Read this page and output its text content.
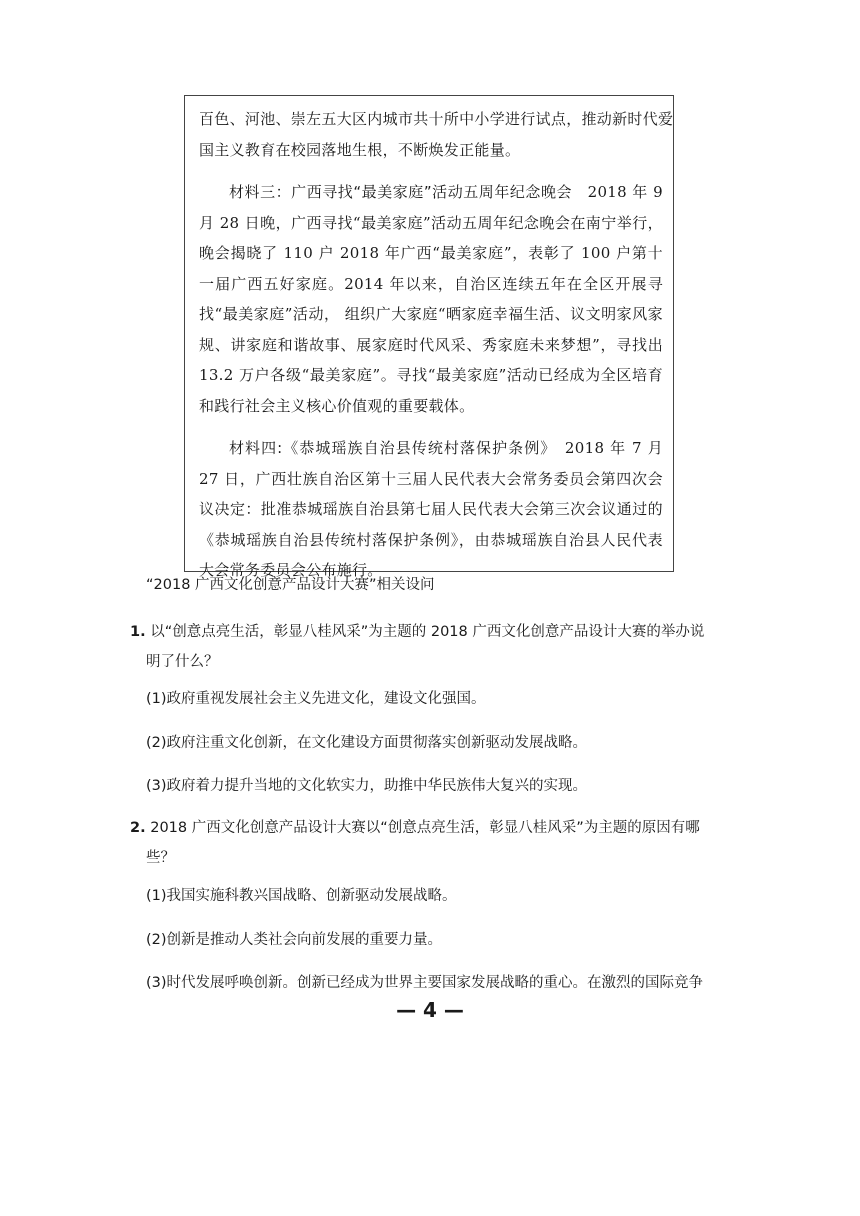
百色、河池、崇左五大区内城市共十所中小学进行试点，推动新时代爱

国主义教育在校园落地生根，不断焕发正能量。

材料三：广西寻找“最美家庭”活动五周年纪念晚会　2018 年 9 月 28 日晚，广西寻找“最美家庭”活动五周年纪念晚会在南宁举行，晚会揭晓了 110 户 2018 年广西“最美家庭”，表彰了 100 户第十一届广西五好家庭。2014 年以来，自治区连续五年在全区开展寻找“最美家庭”活动， 组织广大家庭“晒家庭幸福生活、议文明家风家规、讲家庭和谐故事、展家庭时代风采、秀家庭未来梦想”，寻找出 13.2 万户各级“最美家庭”。寻找“最美家庭”活动已经成为全区培育和践行社会主义核心价值观的重要载体。

材料四:《恭城瑶族自治县传统村落保护条例》　2018 年 7 月 27 日，广西壮族自治区第十三届人民代表大会常务委员会第四次会议决定：批准恭城瑶族自治县第七届人民代表大会第三次会议通过的《恭城瑶族自治县传统村落保护条例》，由恭城瑶族自治县人民代表大会常务委员会公布施行。

“2018 广西文化创意产品设计大赛”相关设问
1. 以“创意点亮生活，彰显八桂风采”为主题的 2018 广西文化创意产品设计大赛的举办说
明了什么？
(1)政府重视发展社会主义先进文化，建设文化强国。
(2)政府注重文化创新，在文化建设方面贯彻落实创新驱动发展战略。
(3)政府着力提升当地的文化软实力，助推中华民族伟大复兴的实现。
2. 2018 广西文化创意产品设计大赛以“创意点亮生活，彰显八桂风采”为主题的原因有哪
些？
(1)我国实施科教兴国战略、创新驱动发展战略。
(2)创新是推动人类社会向前发展的重要力量。
(3)时代发展呼唤创新。创新已经成为世界主要国家发展战略的重心。在激烈的国际竞争
— 4 —
